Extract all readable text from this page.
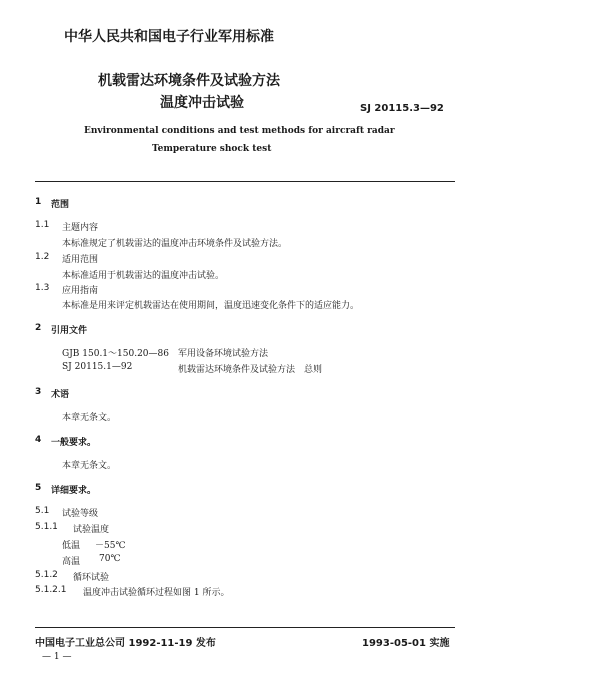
中华人民共和国电子行业军用标准
机载雷达环境条件及试验方法
温度冲击试验	SJ 20115.3—92
Environmental conditions and test methods for aircraft radar
Temperature shock test
1 范围
1.1 主题内容
本标准规定了机载雷达的温度冲击环境条件及试验方法。
1.2 适用范围
本标准适用于机载雷达的温度冲击试验。
1.3 应用指南
本标准是用来评定机载雷达在使用期间，温度迅速变化条件下的适应能力。
2 引用文件
GJB 150.1～150.20—86 军用设备环境试验方法
SJ 20115.1—92	机载雷达环境条件及试验方法　总则
3 术语
本章无条文。
4 一般要求。
本章无条文。
5 详细要求。
5.1 试验等级
5.1.1 试验温度
低温 －55℃
高温 70℃
5.1.2 循环试验
5.1.2.1 温度冲击试验循环过程如图 1 所示。
中国电子工业总公司 1992-11-19 发布	1993-05-01 实施
— 1 —
